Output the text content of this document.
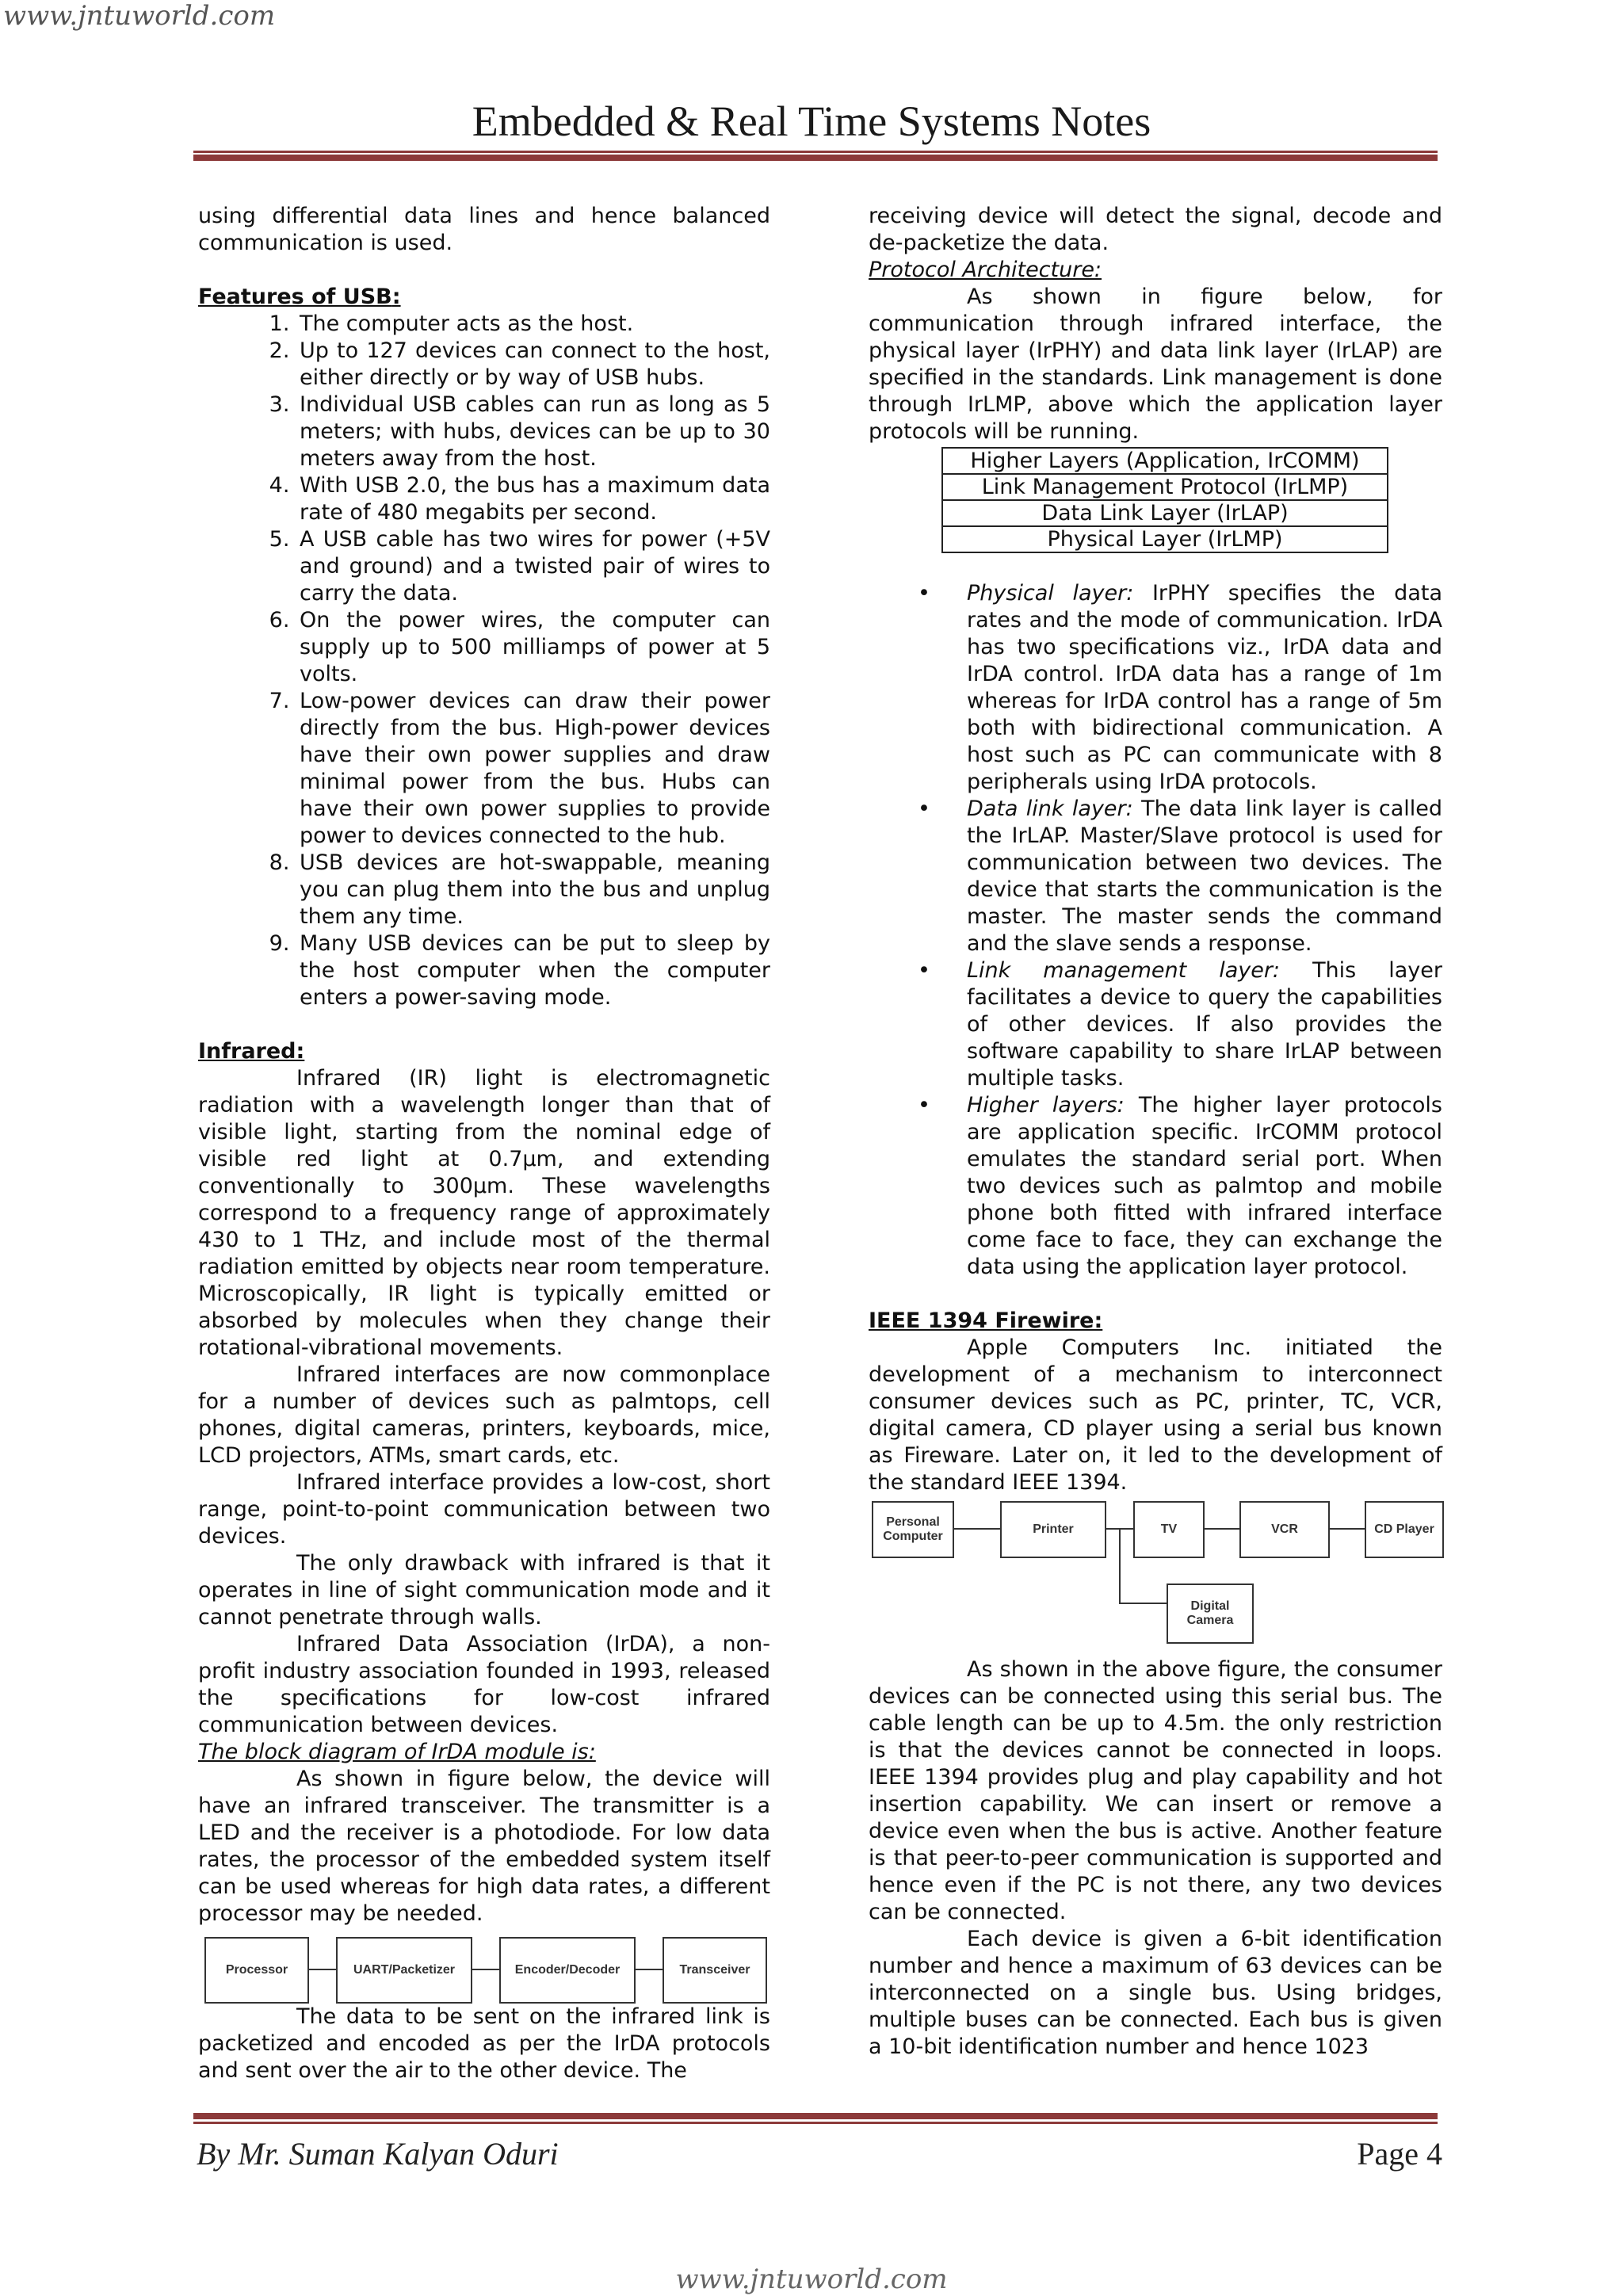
www.jntuworld.com
Embedded & Real Time Systems Notes

using differential data lines and hence balanced communication is used.

Features of USB:

1. The computer acts as the host.
2. Up to 127 devices can connect to the host, either directly or by way of USB hubs.
3. Individual USB cables can run as long as 5 meters; with hubs, devices can be up to 30 meters away from the host.
4. With USB 2.0, the bus has a maximum data rate of 480 megabits per second.
5. A USB cable has two wires for power (+5V and ground) and a twisted pair of wires to carry the data.
6. On the power wires, the computer can supply up to 500 milliamps of power at 5 volts.
7. Low-power devices can draw their power directly from the bus. High-power devices have their own power supplies and draw minimal power from the bus. Hubs can have their own power supplies to provide power to devices connected to the hub.
8. USB devices are hot-swappable, meaning you can plug them into the bus and unplug them any time.
9. Many USB devices can be put to sleep by the host computer when the computer enters a power-saving mode.

Infrared:

Infrared (IR) light is electromagnetic radiation with a wavelength longer than that of visible light, starting from the nominal edge of visible red light at 0.7µm, and extending conventionally to 300µm. These wavelengths correspond to a frequency range of approximately 430 to 1 THz, and include most of the thermal radiation emitted by objects near room temperature. Microscopically, IR light is typically emitted or absorbed by molecules when they change their rotational-vibrational movements.

Infrared interfaces are now commonplace for a number of devices such as palmtops, cell phones, digital cameras, printers, keyboards, mice, LCD projectors, ATMs, smart cards, etc.

Infrared interface provides a low-cost, short range, point-to-point communication between two devices.

The only drawback with infrared is that it operates in line of sight communication mode and it cannot penetrate through walls.

Infrared Data Association (IrDA), a non-profit industry association founded in 1993, released the specifications for low-cost infrared communication between devices.

The block diagram of IrDA module is:

As shown in figure below, the device will have an infrared transceiver. The transmitter is a LED and the receiver is a photodiode. For low data rates, the processor of the embedded system itself can be used whereas for high data rates, a different processor may be needed.

Processor	UART/Packetizer	Encoder/Decoder	Transceiver

The data to be sent on the infrared link is packetized and encoded as per the IrDA protocols and sent over the air to the other device. The

receiving device will detect the signal, decode and de-packetize the data.

Protocol Architecture:

As shown in figure below, for communication through infrared interface, the physical layer (IrPHY) and data link layer (IrLAP) are specified in the standards. Link management is done through IrLMP, above which the application layer protocols will be running.

Higher Layers (Application, IrCOMM)
Link Management Protocol (IrLMP)
Data Link Layer (IrLAP)
Physical Layer (IrLMP)
• Physical layer: IrPHY specifies the data rates and the mode of communication. IrDA has two specifications viz., IrDA data and IrDA control. IrDA data has a range of 1m whereas for IrDA control has a range of 5m both with bidirectional communication. A host such as PC can communicate with 8 peripherals using IrDA protocols.
• Data link layer: The data link layer is called the IrLAP. Master/Slave protocol is used for communication between two devices. The device that starts the communication is the master. The master sends the command and the slave sends a response.
• Link management layer: This layer facilitates a device to query the capabilities of other devices. If also provides the software capability to share IrLAP between multiple tasks.
• Higher layers: The higher layer protocols are application specific. IrCOMM protocol emulates the standard serial port. When two devices such as palmtop and mobile phone both fitted with infrared interface come face to face, they can exchange the data using the application layer protocol.

IEEE 1394 Firewire:

Apple Computers Inc. initiated the development of a mechanism to interconnect consumer devices such as PC, printer, TC, VCR, digital camera, CD player using a serial bus known as Fireware. Later on, it led to the development of the standard IEEE 1394.

Personal Computer
Printer	TV	VCR	CD Player
Digital Camera

As shown in the above figure, the consumer devices can be connected using this serial bus. The cable length can be up to 4.5m. the only restriction is that the devices cannot be connected in loops. IEEE 1394 provides plug and play capability and hot insertion capability. We can insert or remove a device even when the bus is active. Another feature is that peer-to-peer communication is supported and hence even if the PC is not there, any two devices can be connected.

Each device is given a 6-bit identification number and hence a maximum of 63 devices can be interconnected on a single bus. Using bridges, multiple buses can be connected. Each bus is given a 10-bit identification number and hence 1023

By Mr. Suman Kalyan Oduri	Page 4
www.jntuworld.com
